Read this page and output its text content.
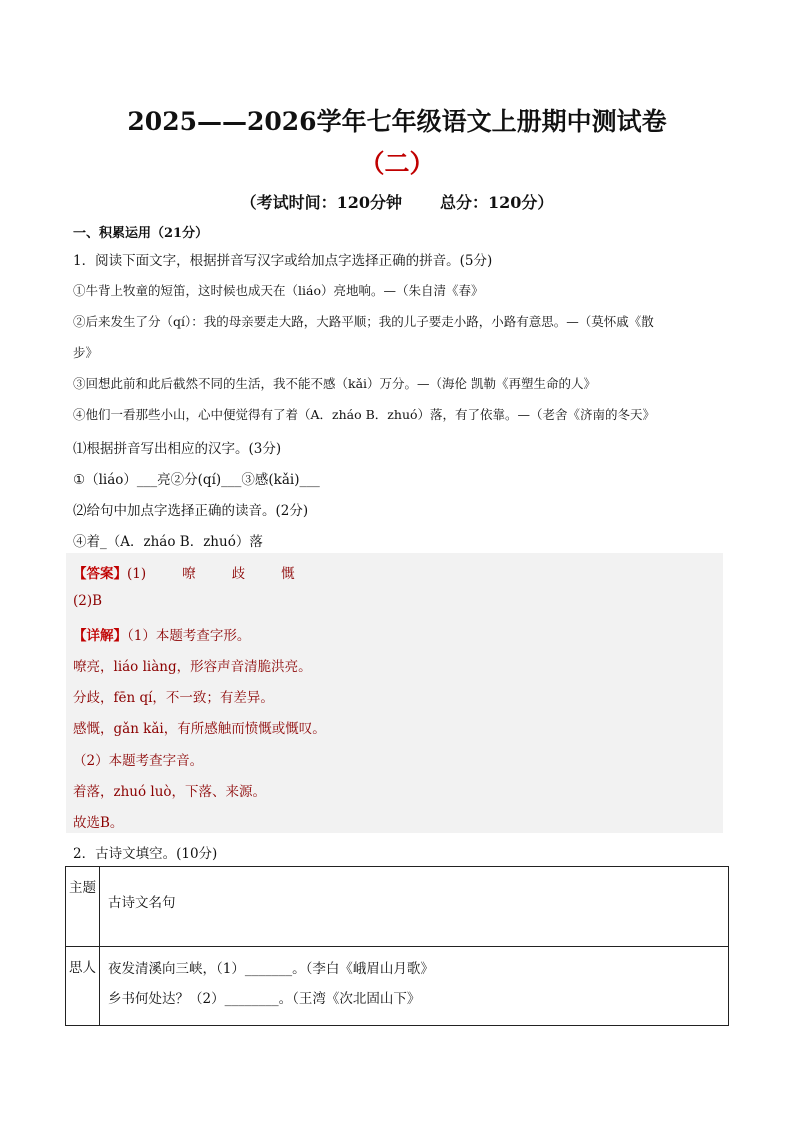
2025——2026学年七年级语文上册期中测试卷
（二）
（考试时间：120分钟 总分：120分）
一、积累运用（21分）
1．阅读下面文字，根据拼音写汉字或给加点字选择正确的拼音。(5分)
①牛背上牧童的短笛，这时候也成天在（liáo）亮地响。—（朱自清《春》
②后来发生了分（qí）：我的母亲要走大路，大路平顺；我的儿子要走小路，小路有意思。—（莫怀戚《散
步》
③回想此前和此后截然不同的生活，我不能不感（kǎi）万分。—（海伦 凯勒《再塑生命的人》
④他们一看那些小山，心中便觉得有了着（A．zháo B．zhuó）落，有了依靠。—（老舍《济南的冬天》
⑴根据拼音写出相应的汉字。(3分)
①（liáo）___亮②分(qí)___③感(kǎi)___
⑵给句中加点字选择正确的读音。(2分)
④着_（A．zháo B．zhuó）落
【答案】(1)	嘹	歧	慨
(2)B
【详解】（1）本题考查字形。
嘹亮，liáo liàng，形容声音清脆洪亮。
分歧，fēn qí，不一致；有差异。
感慨，gǎn kǎi，有所感触而愤慨或慨叹。
（2）本题考查字音。
着落，zhuó luò，下落、来源。
故选B。
2．古诗文填空。(10分)
主题	古诗文名句
思人	夜发清溪向三峡，（1）_______。（李白《峨眉山月歌》
乡书何处达？（2）________。（王湾《次北固山下》
